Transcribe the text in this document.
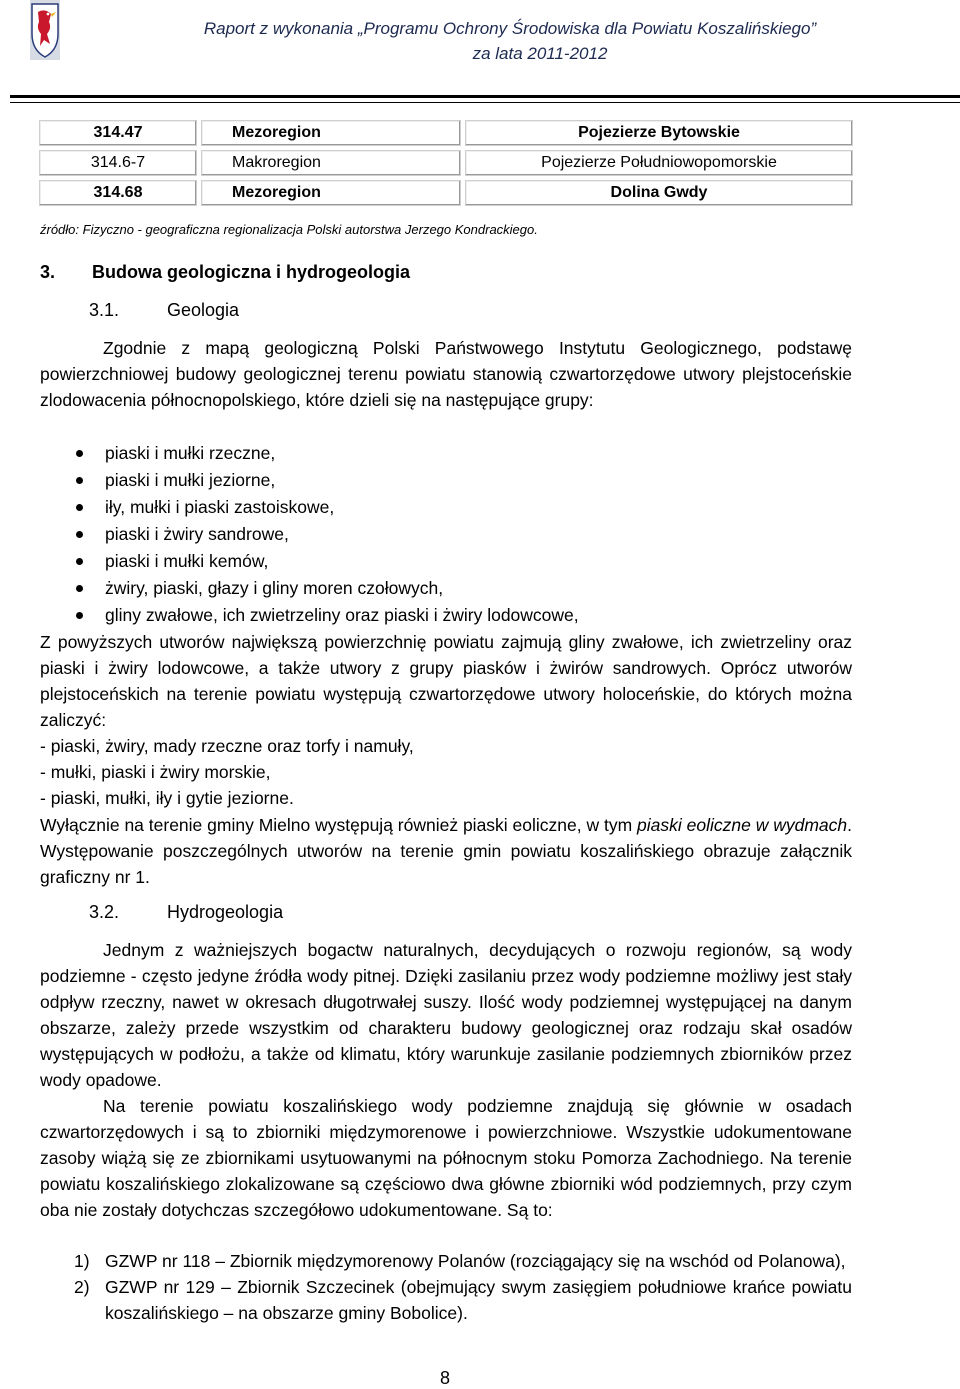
Raport z wykonania „Programu Ochrony Środowiska dla Powiatu Koszalińskiego”
za lata 2011-2012
314.47	Mezoregion	Pojezierze Bytowskie
314.6-7	Makroregion	Pojezierze Południowopomorskie
314.68	Mezoregion	Dolina Gwdy
źródło: Fizyczno - geograficzna regionalizacja Polski autorstwa Jerzego Kondrackiego.
3. Budowa geologiczna i hydrogeologia
3.1.	Geologia

Zgodnie z mapą geologiczną Polski Państwowego Instytutu Geologicznego, podstawę powierzchniowej budowy geologicznej terenu powiatu stanowią czwartorzędowe utwory plejstoceńskie zlodowacenia północnopolskiego, które dzieli się na następujące grupy:

piaski i mułki rzeczne,
piaski i mułki jeziorne,
iły, mułki i piaski zastoiskowe,
piaski i żwiry sandrowe,
piaski i mułki kemów,
żwiry, piaski, głazy i gliny moren czołowych,
gliny zwałowe, ich zwietrzeliny oraz piaski i żwiry lodowcowe,

Z powyższych utworów największą powierzchnię powiatu zajmują gliny zwałowe, ich zwietrzeliny oraz piaski i żwiry lodowcowe, a także utwory z grupy piasków i żwirów sandrowych. Oprócz utworów plejstoceńskich na terenie powiatu występują czwartorzędowe utwory holoceńskie, do których można zaliczyć:

- piaski, żwiry, mady rzeczne oraz torfy i namuły,
- mułki, piaski i żwiry morskie,
- piaski, mułki, iły i gytie jeziorne.

Wyłącznie na terenie gminy Mielno występują również piaski eoliczne, w tym piaski eoliczne w wydmach. Występowanie poszczególnych utworów na terenie gmin powiatu koszalińskiego obrazuje załącznik graficzny nr 1.

3.2.	Hydrogeologia

Jednym z ważniejszych bogactw naturalnych, decydujących o rozwoju regionów, są wody podziemne - często jedyne źródła wody pitnej. Dzięki zasilaniu przez wody podziemne możliwy jest stały odpływ rzeczny, nawet w okresach długotrwałej suszy. Ilość wody podziemnej występującej na danym obszarze, zależy przede wszystkim od charakteru budowy geologicznej oraz rodzaju skał osadów występujących w podłożu, a także od klimatu, który warunkuje zasilanie podziemnych zbiorników przez wody opadowe.

Na terenie powiatu koszalińskiego wody podziemne znajdują się głównie w osadach czwartorzędowych i są to zbiorniki międzymorenowe i powierzchniowe. Wszystkie udokumentowane zasoby wiążą się ze zbiornikami usytuowanymi na północnym stoku Pomorza Zachodniego. Na terenie powiatu koszalińskiego zlokalizowane są częściowo dwa główne zbiorniki wód podziemnych, przy czym oba nie zostały dotychczas szczegółowo udokumentowane. Są to:

1) GZWP nr 118 – Zbiornik międzymorenowy Polanów (rozciągający się na wschód od Polanowa),
2) GZWP nr 129 – Zbiornik Szczecinek (obejmujący swym zasięgiem południowe krańce powiatu koszalińskiego – na obszarze gminy Bobolice).
8
